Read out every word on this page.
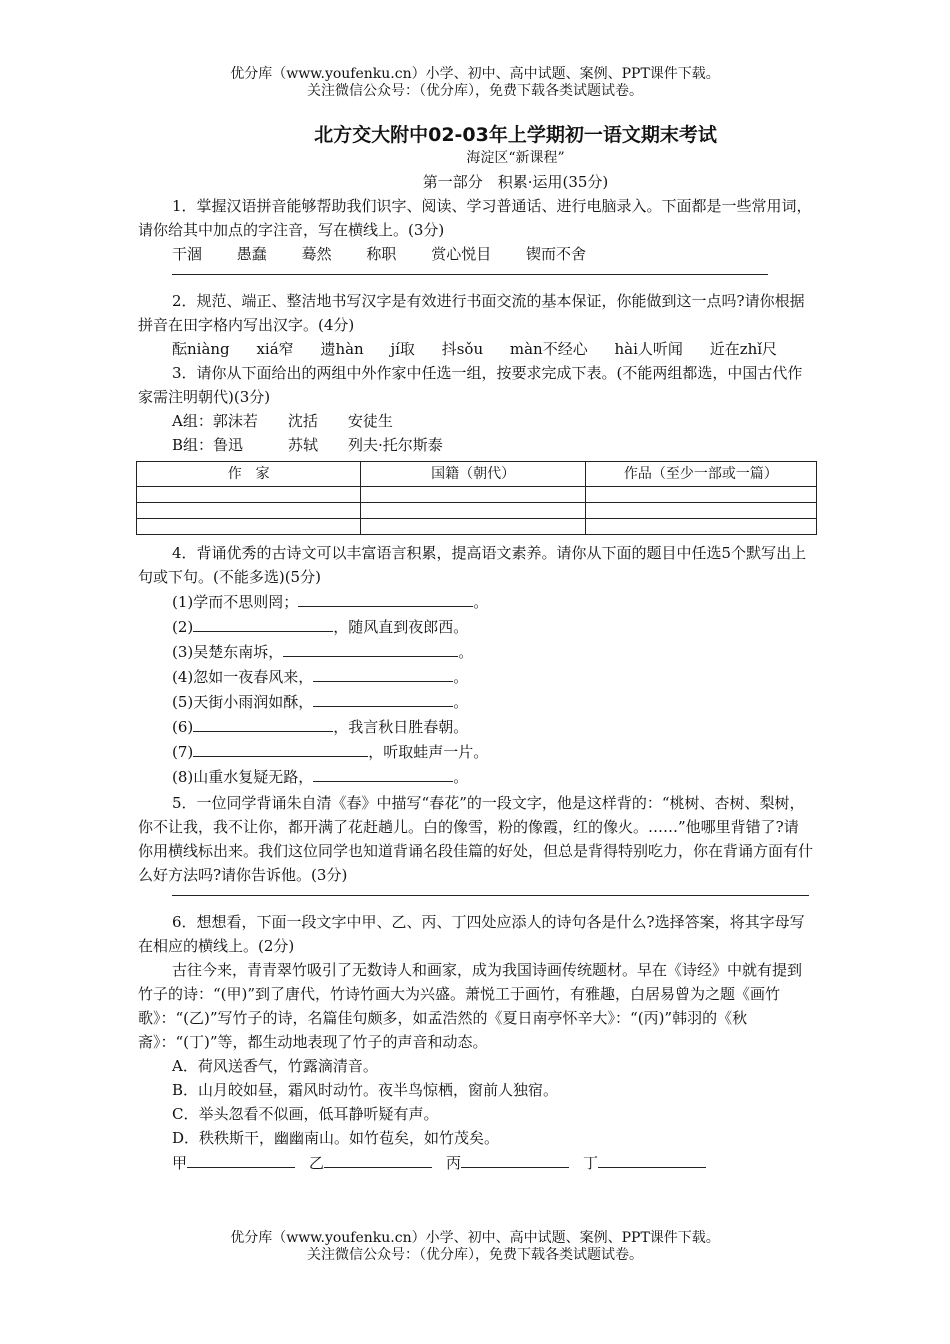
优分库（www.youfenku.cn）小学、初中、高中试题、案例、PPT课件下载。

关注微信公众号：（优分库），免费下载各类试题试卷。

北方交大附中02-03年上学期初一语文期末考试
海淀区“新课程”
第一部分　积累·运用(35分)

1．掌握汉语拼音能够帮助我们识字、阅读、学习普通话、进行电脑录入。下面都是一些常用词，请你给其中加点的字注音，写在横线上。(3分)

干涸 愚蠢 蓦然 称职 赏心悦目 锲而不舍

2．规范、端正、整洁地书写汉字是有效进行书面交流的基本保证，你能做到这一点吗?请你根据拼音在田字格内写出汉字。(4分)

酝niàng xiá窄 遗hàn jí取 抖sǒu màn不经心 hài人听闻 近在zhǐ尺

3．请你从下面给出的两组中外作家中任选一组，按要求完成下表。(不能两组都选，中国古代作家需注明朝代)(3分)

A组：郭沫若　　沈括　　安徒生

B组：鲁迅　　　苏轼　　列夫·托尔斯泰

作　家	国籍（朝代）	作品（至少一部或一篇）

4．背诵优秀的古诗文可以丰富语言积累，提高语文素养。请你从下面的题目中任选5个默写出上句或下句。(不能多选)(5分)

(1)学而不思则罔；	。
(2)	，随风直到夜郎西。
(3)吴楚东南坼，	。
(4)忽如一夜春风来，	。
(5)天街小雨润如酥，	。
(6)	，我言秋日胜春朝。
(7)	，听取蛙声一片。
(8)山重水复疑无路，	。

5．一位同学背诵朱自清《春》中描写“春花”的一段文字，他是这样背的：“桃树、杏树、梨树，你不让我，我不让你，都开满了花赶趟儿。白的像雪，粉的像霞，红的像火。……”他哪里背错了?请你用横线标出来。我们这位同学也知道背诵名段佳篇的好处，但总是背得特别吃力，你在背诵方面有什么好方法吗?请你告诉他。(3分)

6．想想看，下面一段文字中甲、乙、丙、丁四处应添人的诗句各是什么?选择答案，将其字母写在相应的横线上。(2分)

古往今来，青青翠竹吸引了无数诗人和画家，成为我国诗画传统题材。早在《诗经》中就有提到竹子的诗：“(甲)”到了唐代，竹诗竹画大为兴盛。萧悦工于画竹，有雅趣，白居易曾为之题《画竹歌》：“(乙)”写竹子的诗，名篇佳句颇多，如孟浩然的《夏日南亭怀辛大》：“(丙)”韩羽的《秋斋》：“(丁)”等，都生动地表现了竹子的声音和动态。

A．荷风送香气，竹露滴清音。

B．山月皎如昼，霜风时动竹。夜半鸟惊栖，窗前人独宿。

C．举头忽看不似画，低耳静听疑有声。

D．秩秩斯干，幽幽南山。如竹苞矣，如竹茂矣。

甲	乙	丙	丁

优分库（www.youfenku.cn）小学、初中、高中试题、案例、PPT课件下载。

关注微信公众号：（优分库），免费下载各类试题试卷。
